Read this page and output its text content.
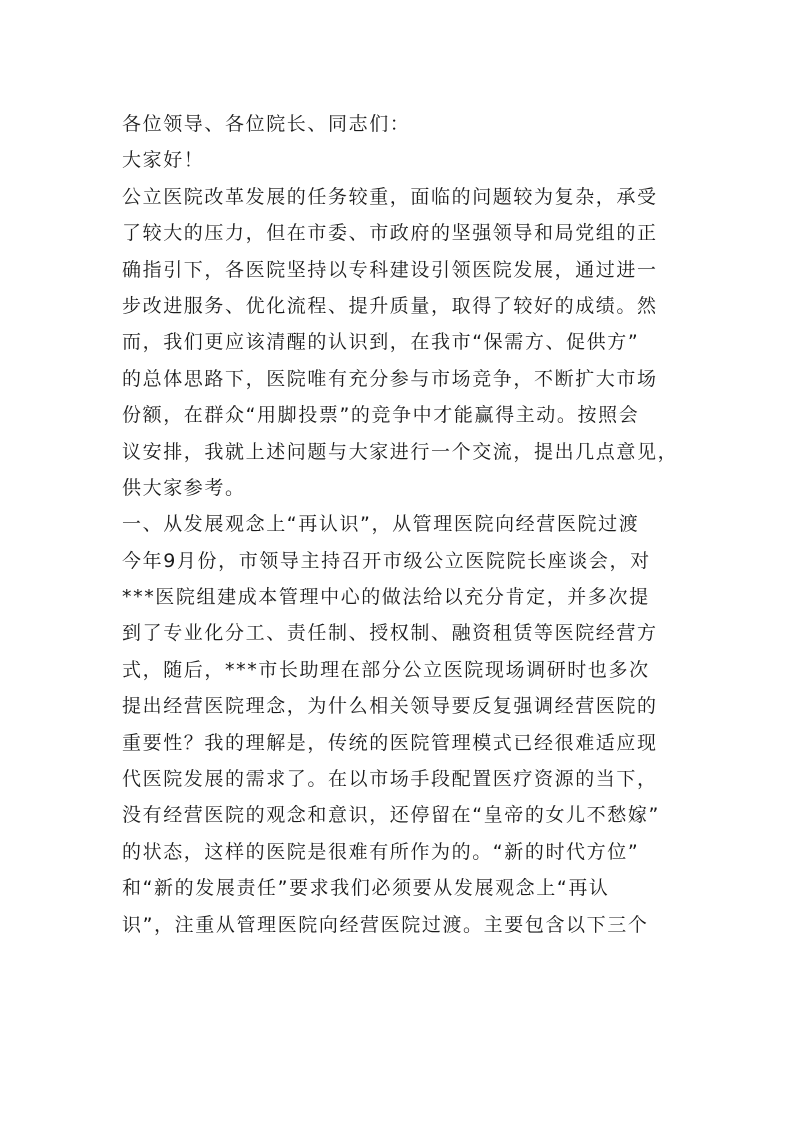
各位领导、各位院长、同志们：
大家好！
公立医院改革发展的任务较重，面临的问题较为复杂，承受
了较大的压力，但在市委、市政府的坚强领导和局党组的正
确指引下，各医院坚持以专科建设引领医院发展，通过进一
步改进服务、优化流程、提升质量，取得了较好的成绩。然
而，我们更应该清醒的认识到，在我市“保需方、促供方”
的总体思路下，医院唯有充分参与市场竞争，不断扩大市场
份额，在群众“用脚投票”的竞争中才能赢得主动。按照会
议安排，我就上述问题与大家进行一个交流，提出几点意见，
供大家参考。
一、从发展观念上“再认识”，从管理医院向经营医院过渡
今年9月份，市领导主持召开市级公立医院院长座谈会，对
***医院组建成本管理中心的做法给以充分肯定，并多次提
到了专业化分工、责任制、授权制、融资租赁等医院经营方
式，随后，***市长助理在部分公立医院现场调研时也多次
提出经营医院理念，为什么相关领导要反复强调经营医院的
重要性？我的理解是，传统的医院管理模式已经很难适应现
代医院发展的需求了。在以市场手段配置医疗资源的当下，
没有经营医院的观念和意识，还停留在“皇帝的女儿不愁嫁”
的状态，这样的医院是很难有所作为的。“新的时代方位”
和“新的发展责任”要求我们必须要从发展观念上“再认
识”，注重从管理医院向经营医院过渡。主要包含以下三个
